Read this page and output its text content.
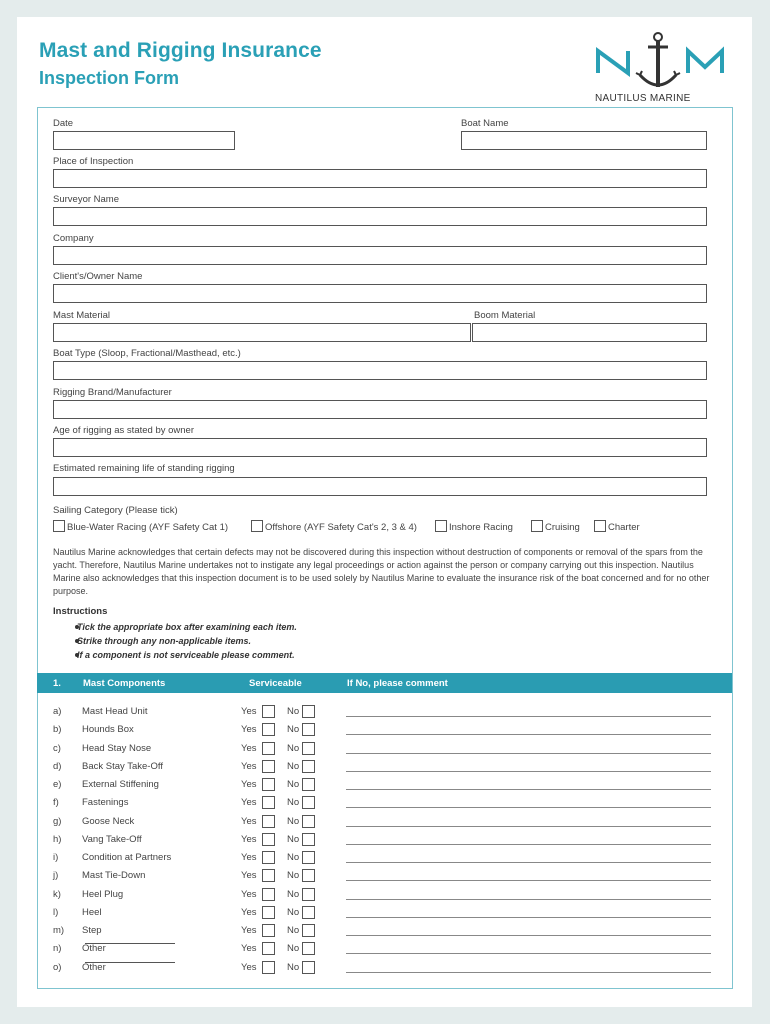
Mast and Rigging Insurance
Inspection Form
NAUTILUS MARINE
Date	Boat Name
Place of Inspection
Surveyor Name
Company
Client's/Owner Name
Mast Material	Boom Material
Boat Type (Sloop, Fractional/Masthead, etc.)
Rigging Brand/Manufacturer
Age of rigging as stated by owner
Estimated remaining life of standing rigging
Sailing Category (Please tick)
Blue-Water Racing (AYF Safety Cat 1)	Offshore (AYF Safety Cat's 2, 3 & 4)	Inshore Racing	Cruising	Charter
Nautilus Marine acknowledges that certain defects may not be discovered during this inspection without destruction of components or removal of the spars from the yacht. Therefore, Nautilus Marine undertakes not to instigate any legal proceedings or action against the person or company carrying out this inspection. Nautilus Marine also acknowledges that this inspection document is to be used solely by Nautilus Marine to evaluate the insurance risk of the boat concerned and for no other purpose.
Instructions
Tick the appropriate box after examining each item.
Strike through any non-applicable items.
If a component is not serviceable please comment.
1. Mast Components	Serviceable	If No, please comment
a) Mast Head Unit	Yes	No
b) Hounds Box	Yes	No
c) Head Stay Nose	Yes	No
d) Back Stay Take-Off	Yes	No
e) External Stiffening	Yes	No
f) Fastenings	Yes	No
g) Goose Neck	Yes	No
h) Vang Take-Off	Yes	No
i) Condition at Partners	Yes	No
j) Mast Tie-Down	Yes	No
k) Heel Plug	Yes	No
l) Heel	Yes	No
m) Step	Yes	No
n) Other	Yes	No
o) Other	Yes	No
